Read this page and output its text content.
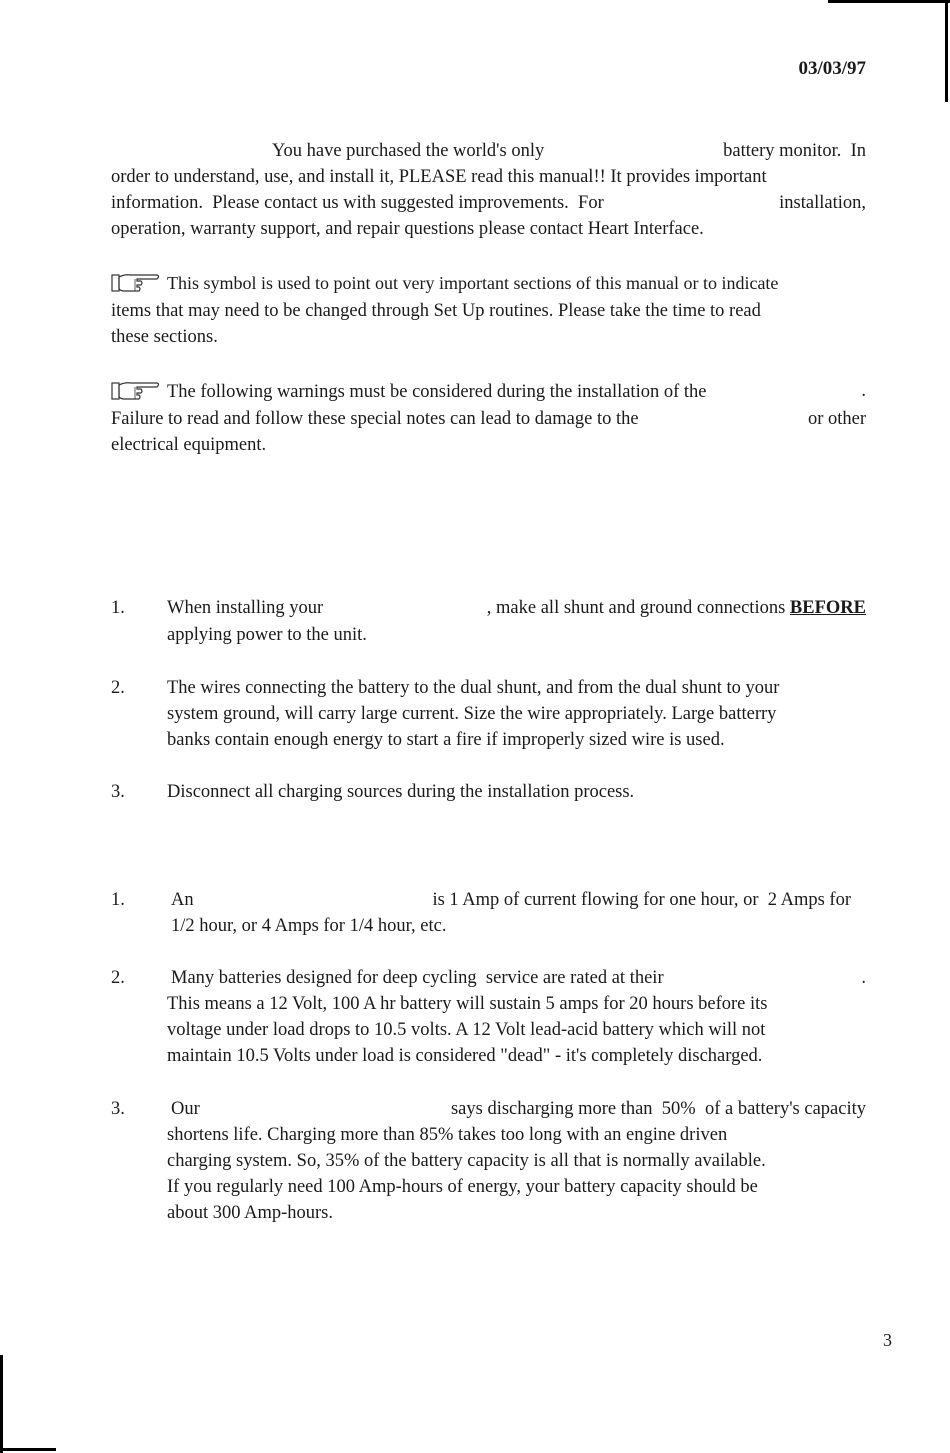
03/03/97
You have purchased the world's only	battery monitor.  In
order to understand, use, and install it, PLEASE read this manual!! It provides important
information.  Please contact us with suggested improvements.  For	installation,
operation, warranty support, and repair questions please contact Heart Interface.
This symbol is used to point out very important sections of this manual or to indicate
items that may need to be changed through Set Up routines. Please take the time to read
these sections.
The following warnings must be considered during the installation of the	.
Failure to read and follow these special notes can lead to damage to the	or other
electrical equipment.
1. When installing your	, make all shunt and ground connections BEFORE
applying power to the unit.
2. The wires connecting the battery to the dual shunt, and from the dual shunt to your
system ground, will carry large current. Size the wire appropriately. Large batterry
banks contain enough energy to start a fire if improperly sized wire is used.
3. Disconnect all charging sources during the installation process.
1. An	is 1 Amp of current flowing for one hour, or  2 Amps for
1/2 hour, or 4 Amps for 1/4 hour, etc.
2. Many batteries designed for deep cycling  service are rated at their	.
This means a 12 Volt, 100 A hr battery will sustain 5 amps for 20 hours before its
voltage under load drops to 10.5 volts. A 12 Volt lead-acid battery which will not
maintain 10.5 Volts under load is considered "dead" - it's completely discharged.
3. Our	says discharging more than  50%  of a battery's capacity
shortens life. Charging more than 85% takes too long with an engine driven
charging system. So, 35% of the battery capacity is all that is normally available.
If you regularly need 100 Amp-hours of energy, your battery capacity should be
about 300 Amp-hours.
3
